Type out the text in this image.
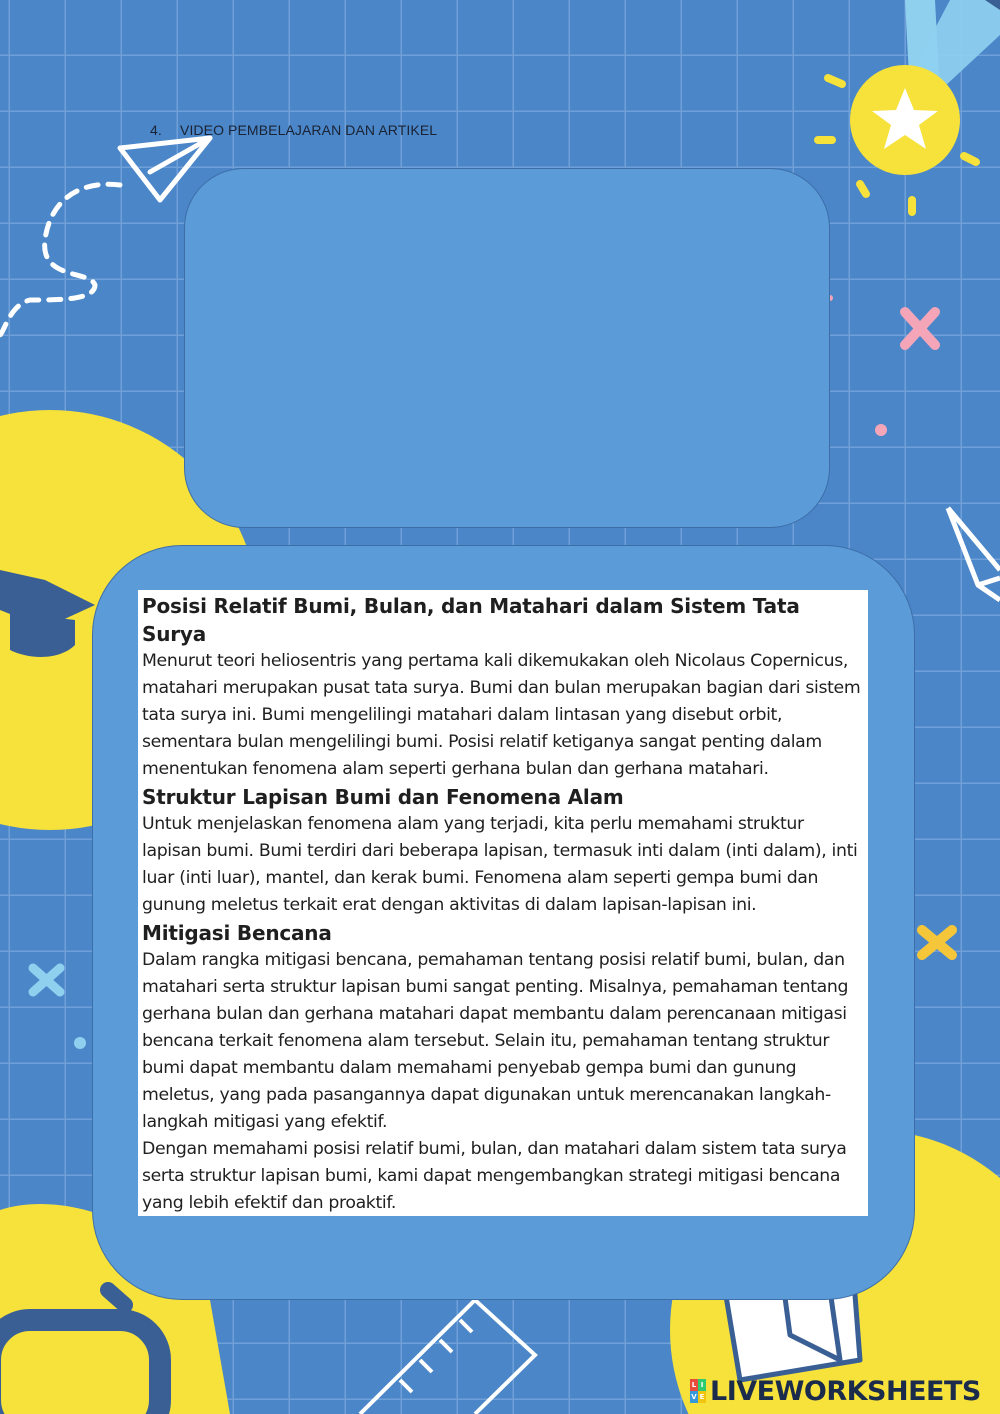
4. VIDEO PEMBELAJARAN DAN ARTIKEL
Posisi Relatif Bumi, Bulan, dan Matahari dalam Sistem Tata Surya

Menurut teori heliosentris yang pertama kali dikemukakan oleh Nicolaus Copernicus, matahari merupakan pusat tata surya. Bumi dan bulan merupakan bagian dari sistem tata surya ini. Bumi mengelilingi matahari dalam lintasan yang disebut orbit, sementara bulan mengelilingi bumi. Posisi relatif ketiganya sangat penting dalam menentukan fenomena alam seperti gerhana bulan dan gerhana matahari.

Struktur Lapisan Bumi dan Fenomena Alam

Untuk menjelaskan fenomena alam yang terjadi, kita perlu memahami struktur lapisan bumi. Bumi terdiri dari beberapa lapisan, termasuk inti dalam (inti dalam), inti luar (inti luar), mantel, dan kerak bumi. Fenomena alam seperti gempa bumi dan gunung meletus terkait erat dengan aktivitas di dalam lapisan-lapisan ini.

Mitigasi Bencana

Dalam rangka mitigasi bencana, pemahaman tentang posisi relatif bumi, bulan, dan matahari serta struktur lapisan bumi sangat penting. Misalnya, pemahaman tentang gerhana bulan dan gerhana matahari dapat membantu dalam perencanaan mitigasi bencana terkait fenomena alam tersebut. Selain itu, pemahaman tentang struktur bumi dapat membantu dalam memahami penyebab gempa bumi dan gunung meletus, yang pada pasangannya dapat digunakan untuk merencanakan langkah-langkah mitigasi yang efektif.

Dengan memahami posisi relatif bumi, bulan, dan matahari dalam sistem tata surya serta struktur lapisan bumi, kami dapat mengembangkan strategi mitigasi bencana yang lebih efektif dan proaktif.

L I
V E LIVEWORKSHEETS
